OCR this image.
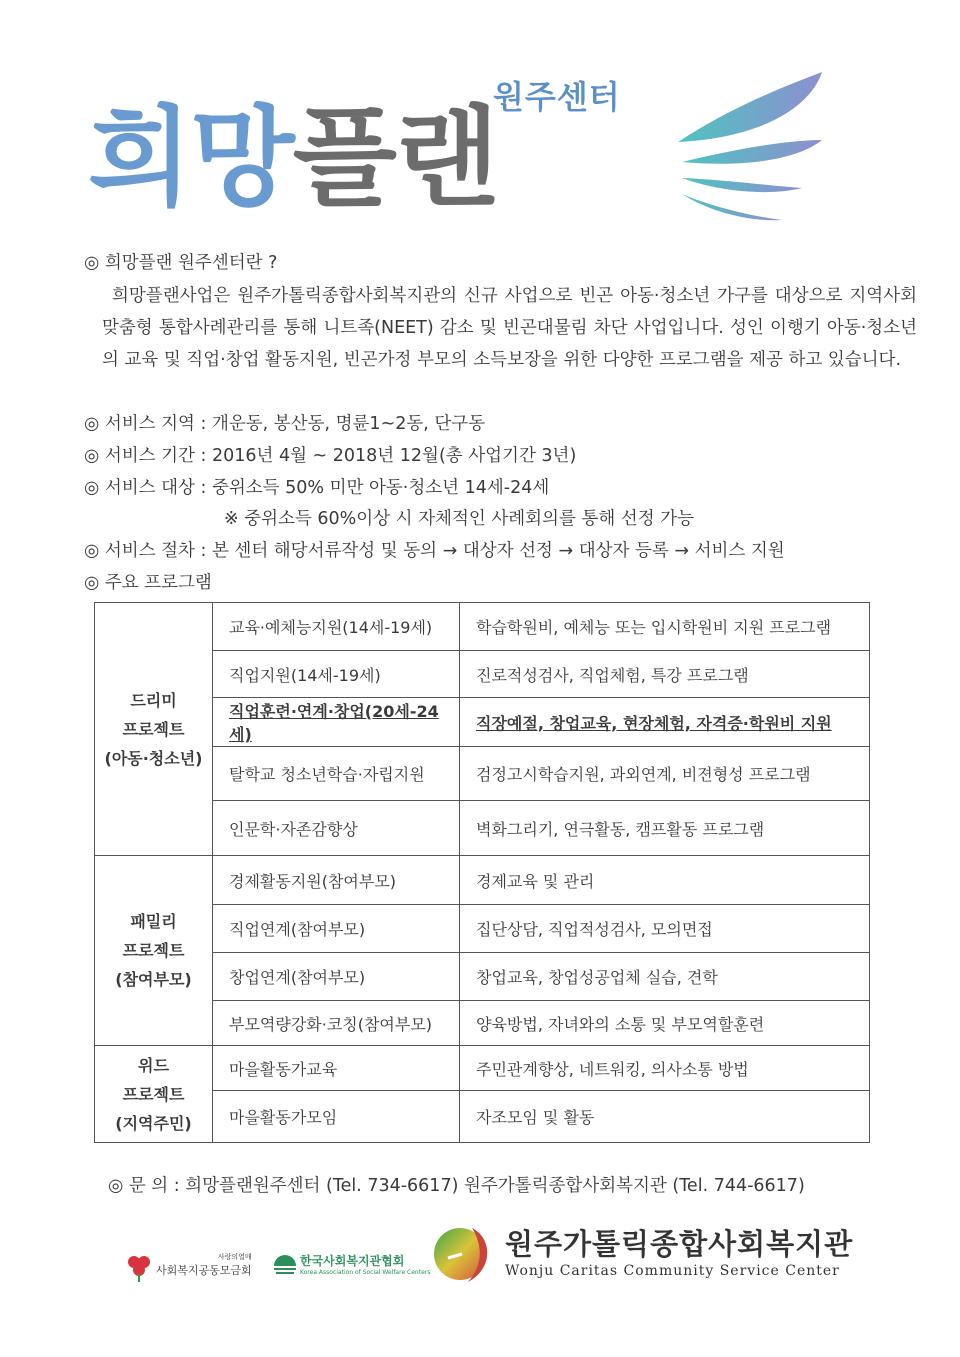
원주센터
희망플랜
◎ 희망플랜 원주센터란 ?
희망플랜사업은 원주가톨릭종합사회복지관의 신규 사업으로 빈곤 아동·청소년 가구를 대상으로 지역사회 맞춤형 통합사례관리를 통해 니트족(NEET) 감소 및 빈곤대물림 차단 사업입니다. 성인 이행기 아동·청소년의 교육 및 직업·창업 활동지원, 빈곤가정 부모의 소득보장을 위한 다양한 프로그램을 제공 하고 있습니다.
◎ 서비스 지역 : 개운동, 봉산동, 명륜1~2동, 단구동
◎ 서비스 기간 : 2016년 4월 ~ 2018년 12월(총 사업기간 3년)
◎ 서비스 대상 : 중위소득 50% 미만 아동·청소년 14세-24세
※ 중위소득 60%이상 시 자체적인 사례회의를 통해 선정 가능
◎ 서비스 절차 : 본 센터 해당서류작성 및 동의 → 대상자 선정 → 대상자 등록 → 서비스 지원
◎ 주요 프로그램
드리미
프로젝트
(아동·청소년)	교육·예체능지원(14세-19세)	학습학원비, 예체능 또는 입시학원비 지원 프로그램
	직업지원(14세-19세)	진로적성검사, 직업체험, 특강 프로그램
	직업훈련·연계·창업(20세-24세)	직장예절, 창업교육, 현장체험, 자격증·학원비 지원
	탈학교 청소년학습·자립지원	검정고시학습지원, 과외연계, 비젼형성 프로그램
	인문학·자존감향상	벽화그리기, 연극활동, 캠프활동 프로그램

패밀리
프로젝트
(참여부모)	경제활동지원(참여부모)	경제교육 및 관리
	직업연계(참여부모)	집단상담, 직업적성검사, 모의면접
	창업연계(참여부모)	창업교육, 창업성공업체 실습, 견학
	부모역량강화·코칭(참여부모)	양육방법, 자녀와의 소통 및 부모역할훈련

위드
프로젝트
(지역주민)	마을활동가교육	주민관계향상, 네트워킹, 의사소통 방법
	마을활동가모임	자조모임 및 활동
◎ 문 의 : 희망플랜원주센터 (Tel. 734-6617) 원주가톨릭종합사회복지관 (Tel. 744-6617)
사랑의열매
사회복지공동모금회
한국사회복지관협회
Korea Association of Social Welfare Centers
원주가톨릭종합사회복지관
Wonju Caritas Community Service Center
